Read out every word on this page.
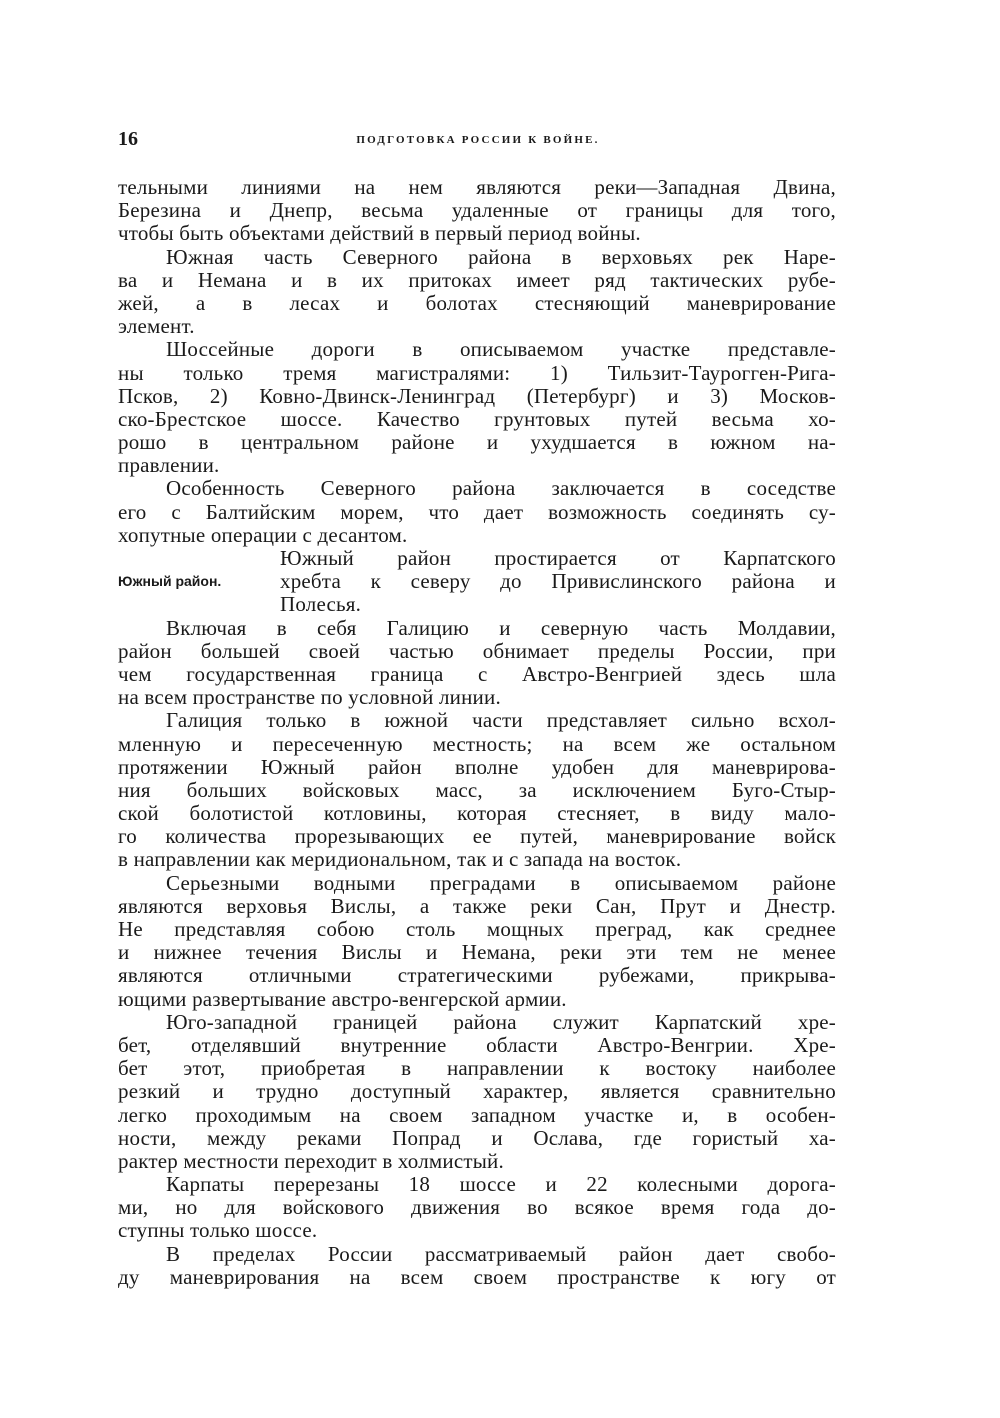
16	ПОДГОТОВКА РОССИИ К ВОЙНЕ.
тельными линиями на нем являются реки—Западная Двина,
Березина и Днепр, весьма удаленные от границы для того,
чтобы быть объектами действий в первый период войны.
Южная часть Северного района в верховьях рек Наре-
ва и Немана и в их притоках имеет ряд тактических рубе-
жей, а в лесах и болотах стесняющий маневрирование
элемент.
Шоссейные дороги в описываемом участке представле-
ны только тремя магистралями: 1) Тильзит-Таурогген-Рига-
Псков, 2) Ковно-Двинск-Ленинград (Петербург) и 3) Москов-
ско-Брестское шоссе. Качество грунтовых путей весьма хо-
рошо в центральном районе и ухудшается в южном на-
правлении.
Особенность Северного района заключается в соседстве
его с Балтийским морем, что дает возможность соединять су-
хопутные операции с десантом.
Южный район.
Южный район простирается от Карпатского
хребта к северу до Привислинского района и
Полесья.
Включая в себя Галицию и северную часть Молдавии,
район большей своей частью обнимает пределы России, при
чем государственная граница с Австро-Венгрией здесь шла
на всем пространстве по условной линии.
Галиция только в южной части представляет сильно всхол-
мленную и пересеченную местность; на всем же остальном
протяжении Южный район вполне удобен для маневрирова-
ния больших войсковых масс, за исключением Буго-Стыр-
ской болотистой котловины, которая стесняет, в виду мало-
го количества прорезывающих ее путей, маневрирование войск
в направлении как меридиональном, так и с запада на восток.
Серьезными водными преградами в описываемом районе
являются верховья Вислы, а также реки Сан, Прут и Днестр.
Не представляя собою столь мощных преград, как среднее
и нижнее течения Вислы и Немана, реки эти тем не менее
являются отличными стратегическими рубежами, прикрыва-
ющими развертывание австро-венгерской армии.
Юго-западной границей района служит Карпатский хре-
бет, отделявший внутренние области Австро-Венгрии. Хре-
бет этот, приобретая в направлении к востоку наиболее
резкий и трудно доступный характер, является сравнительно
легко проходимым на своем западном участке и, в особен-
ности, между реками Попрад и Ослава, где гористый ха-
рактер местности переходит в холмистый.
Карпаты перерезаны 18 шоссе и 22 колесными дорога-
ми, но для войскового движения во всякое время года до-
ступны только шоссе.
В пределах России рассматриваемый район дает свобо-
ду маневрирования на всем своем пространстве к югу от
